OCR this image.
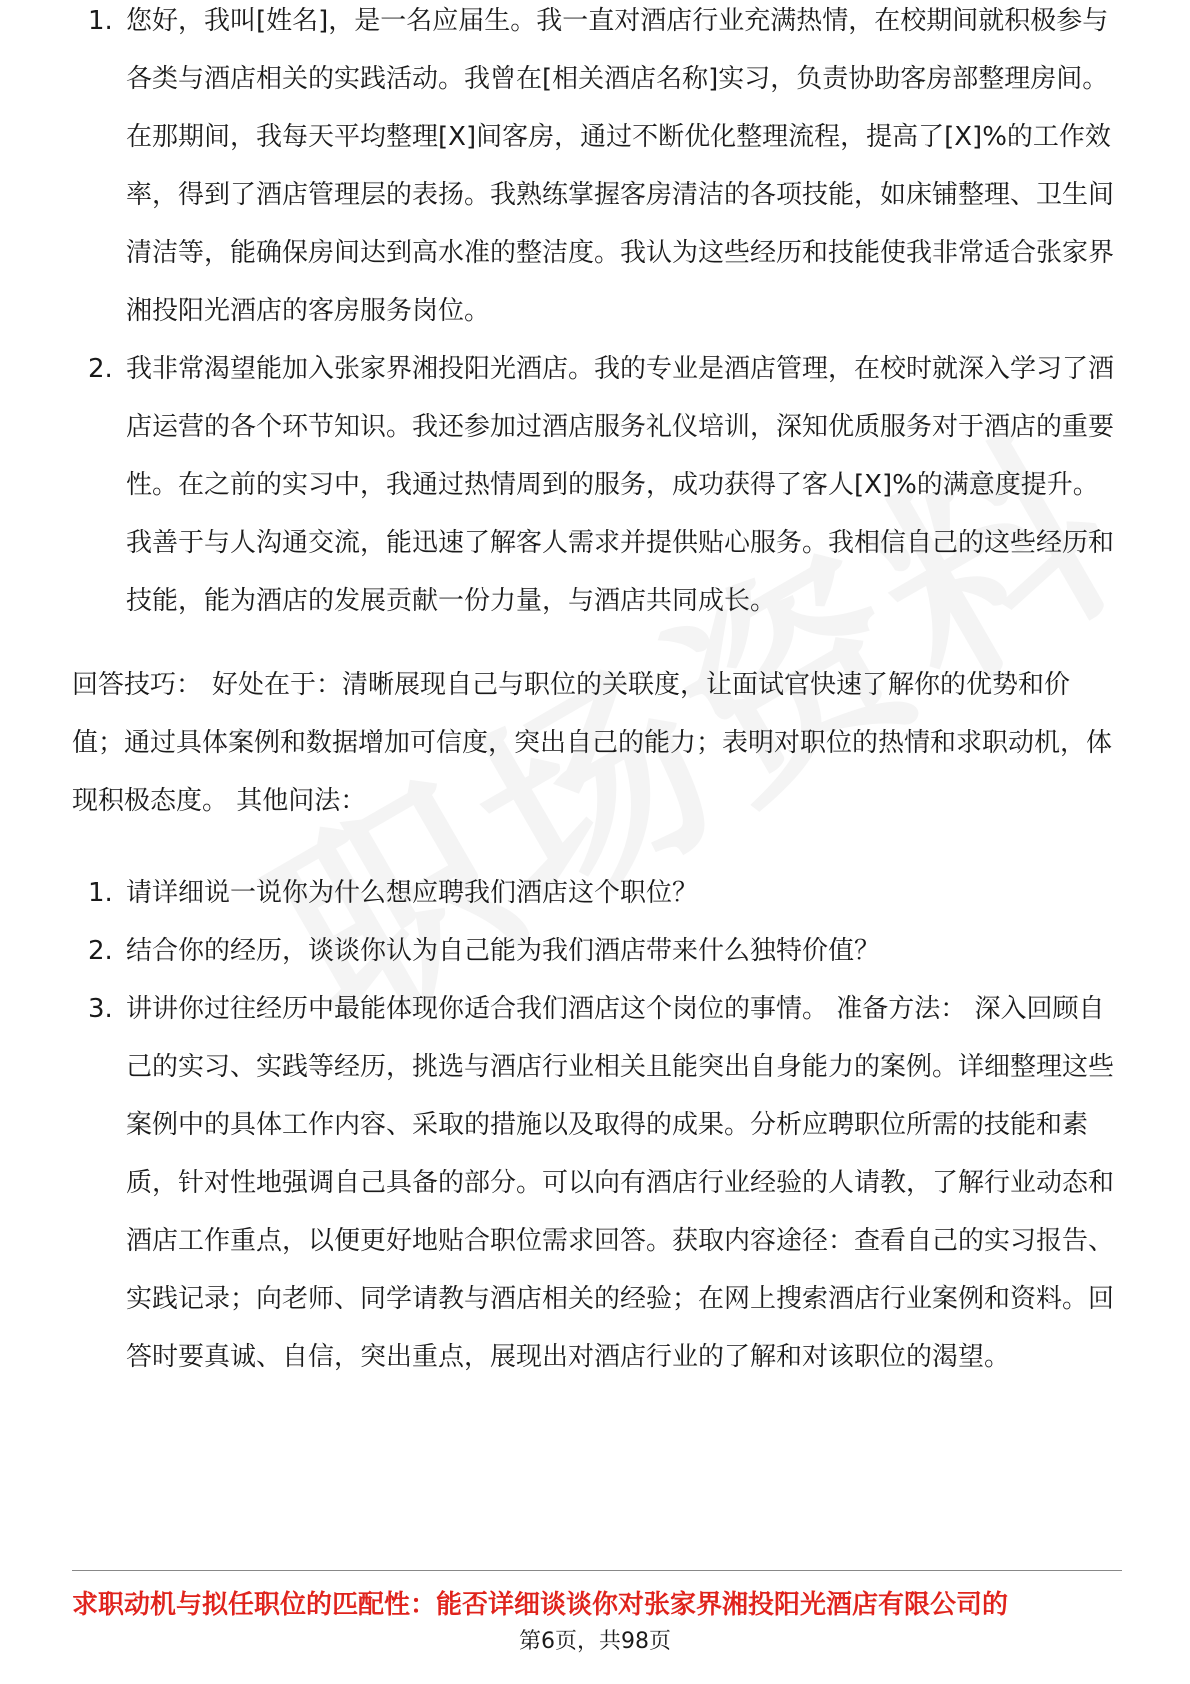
1. 您好，我叫[姓名]，是一名应届生。我一直对酒店行业充满热情，在校期间就积极参与各类与酒店相关的实践活动。我曾在[相关酒店名称]实习，负责协助客房部整理房间。在那期间，我每天平均整理[X]间客房，通过不断优化整理流程，提高了[X]%的工作效率，得到了酒店管理层的表扬。我熟练掌握客房清洁的各项技能，如床铺整理、卫生间清洁等，能确保房间达到高水准的整洁度。我认为这些经历和技能使我非常适合张家界湘投阳光酒店的客房服务岗位。
2. 我非常渴望能加入张家界湘投阳光酒店。我的专业是酒店管理，在校时就深入学习了酒店运营的各个环节知识。我还参加过酒店服务礼仪培训，深知优质服务对于酒店的重要性。在之前的实习中，我通过热情周到的服务，成功获得了客人[X]%的满意度提升。我善于与人沟通交流，能迅速了解客人需求并提供贴心服务。我相信自己的这些经历和技能，能为酒店的发展贡献一份力量，与酒店共同成长。

回答技巧： 好处在于：清晰展现自己与职位的关联度，让面试官快速了解你的优势和价值；通过具体案例和数据增加可信度，突出自己的能力；表明对职位的热情和求职动机，体现积极态度。 其他问法：

1. 请详细说一说你为什么想应聘我们酒店这个职位？
2. 结合你的经历，谈谈你认为自己能为我们酒店带来什么独特价值？
3. 讲讲你过往经历中最能体现你适合我们酒店这个岗位的事情。 准备方法： 深入回顾自己的实习、实践等经历，挑选与酒店行业相关且能突出自身能力的案例。详细整理这些案例中的具体工作内容、采取的措施以及取得的成果。分析应聘职位所需的技能和素质，针对性地强调自己具备的部分。可以向有酒店行业经验的人请教，了解行业动态和酒店工作重点，以便更好地贴合职位需求回答。获取内容途径：查看自己的实习报告、实践记录；向老师、同学请教与酒店相关的经验；在网上搜索酒店行业案例和资料。回答时要真诚、自信，突出重点，展现出对酒店行业的了解和对该职位的渴望。
求职动机与拟任职位的匹配性：能否详细谈谈你对张家界湘投阳光酒店有限公司的
第6页，共98页
